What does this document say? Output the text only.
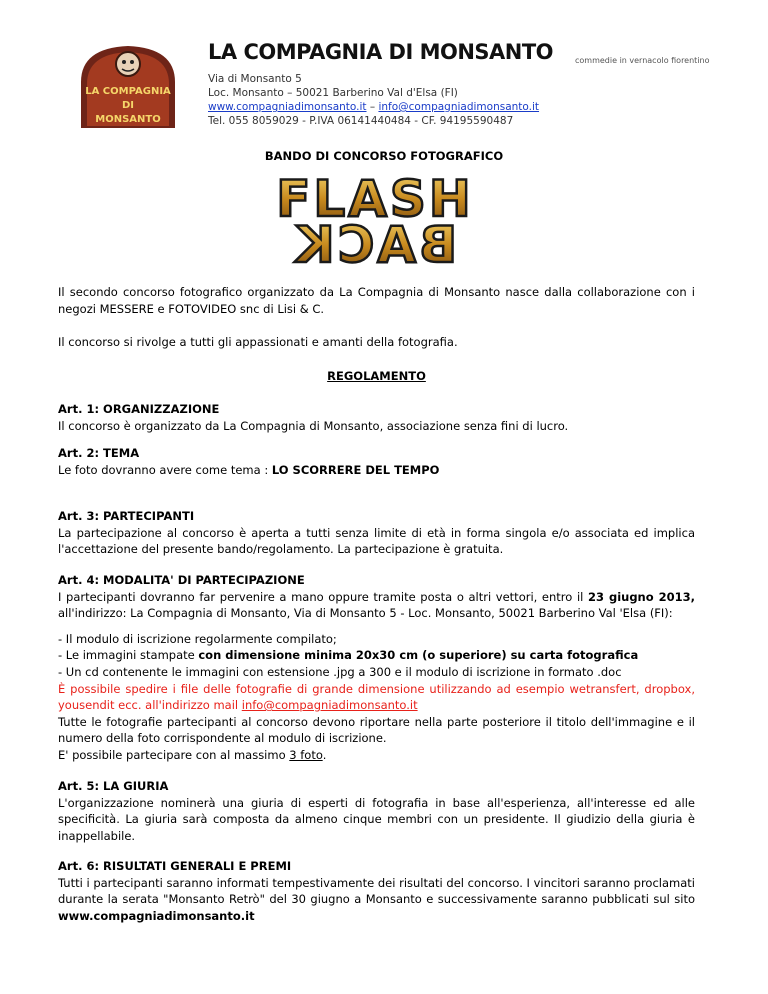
LA COMPAGNIA
DI
MONSANTO
LA COMPAGNIA DI MONSANTO	commedie in vernacolo fiorentino
Via di Monsanto 5
Loc. Monsanto – 50021 Barberino Val d'Elsa (FI)
www.compagniadimonsanto.it – info@compagniadimonsanto.it
Tel. 055 8059029 - P.IVA 06141440484 - CF. 94195590487
BANDO DI CONCORSO FOTOGRAFICO
FLASH
BACK

Il secondo concorso fotografico organizzato da La Compagnia di Monsanto nasce dalla collaborazione con i negozi MESSERE e FOTOVIDEO snc di Lisi & C.

Il concorso si rivolge a tutti gli appassionati e amanti della fotografia.

REGOLAMENTO

Art. 1: ORGANIZZAZIONE

Il concorso è organizzato da La Compagnia di Monsanto, associazione senza fini di lucro.

Art. 2: TEMA

Le foto dovranno avere come tema : LO SCORRERE DEL TEMPO

Art. 3: PARTECIPANTI

La partecipazione al concorso è aperta a tutti senza limite di età in forma singola e/o associata ed implica l'accettazione del presente bando/regolamento. La partecipazione è gratuita.

Art. 4: MODALITA' DI PARTECIPAZIONE

I partecipanti dovranno far pervenire a mano oppure tramite posta o altri vettori, entro il 23 giugno 2013, all'indirizzo: La Compagnia di Monsanto, Via di Monsanto 5 - Loc. Monsanto, 50021 Barberino Val 'Elsa (FI):

- Il modulo di iscrizione regolarmente compilato;

- Le immagini stampate con dimensione minima 20x30 cm (o superiore) su carta fotografica

- Un cd contenente le immagini con estensione .jpg a 300 e il modulo di iscrizione in formato .doc

È possibile spedire i file delle fotografie di grande dimensione utilizzando ad esempio wetransfert, dropbox, yousendit ecc. all'indirizzo mail info@compagniadimonsanto.it

Tutte le fotografie partecipanti al concorso devono riportare nella parte posteriore il titolo dell'immagine e il numero della foto corrispondente al modulo di iscrizione.

E' possibile partecipare con al massimo 3 foto.

Art. 5: LA GIURIA

L'organizzazione nominerà una giuria di esperti di fotografia in base all'esperienza, all'interesse ed alle specificità. La giuria sarà composta da almeno cinque membri con un presidente. Il giudizio della giuria è inappellabile.

Art. 6: RISULTATI GENERALI E PREMI

Tutti i partecipanti saranno informati tempestivamente dei risultati del concorso. I vincitori saranno proclamati durante la serata "Monsanto Retrò" del 30 giugno a Monsanto e successivamente saranno pubblicati sul sito www.compagniadimonsanto.it
